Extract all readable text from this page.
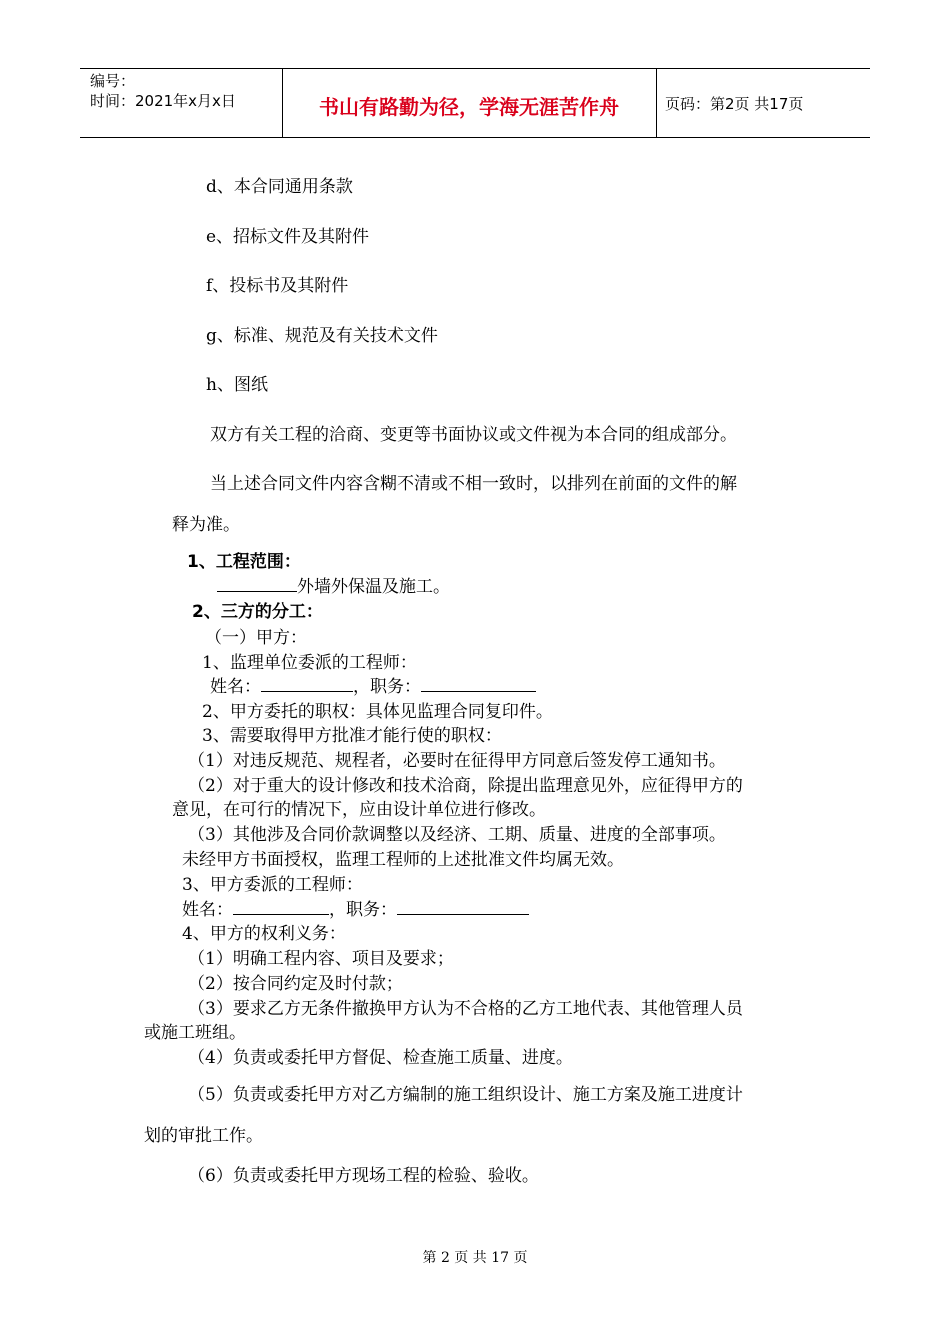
编号：
时间：2021年x月x日	书山有路勤为径，学海无涯苦作舟	页码：第2页 共17页
d、本合同通用条款
e、招标文件及其附件
f、投标书及其附件
g、标准、规范及有关技术文件
h、图纸
双方有关工程的洽商、变更等书面协议或文件视为本合同的组成部分。
当上述合同文件内容含糊不清或不相一致时，以排列在前面的文件的解
释为准。
1、工程范围：
外墙外保温及施工。
2、三方的分工：
（一）甲方：
1、监理单位委派的工程师：
姓名：	，职务：
2、甲方委托的职权：具体见监理合同复印件。
3、需要取得甲方批准才能行使的职权：
（1）对违反规范、规程者，必要时在征得甲方同意后签发停工通知书。
（2）对于重大的设计修改和技术洽商，除提出监理意见外，应征得甲方的
意见，在可行的情况下，应由设计单位进行修改。
（3）其他涉及合同价款调整以及经济、工期、质量、进度的全部事项。
未经甲方书面授权，监理工程师的上述批准文件均属无效。
3、甲方委派的工程师：
姓名：	，职务：
4、甲方的权利义务：
（1）明确工程内容、项目及要求；
（2）按合同约定及时付款；
（3）要求乙方无条件撤换甲方认为不合格的乙方工地代表、其他管理人员
或施工班组。
（4）负责或委托甲方督促、检查施工质量、进度。
（5）负责或委托甲方对乙方编制的施工组织设计、施工方案及施工进度计
划的审批工作。
（6）负责或委托甲方现场工程的检验、验收。
第 2 页 共 17 页
